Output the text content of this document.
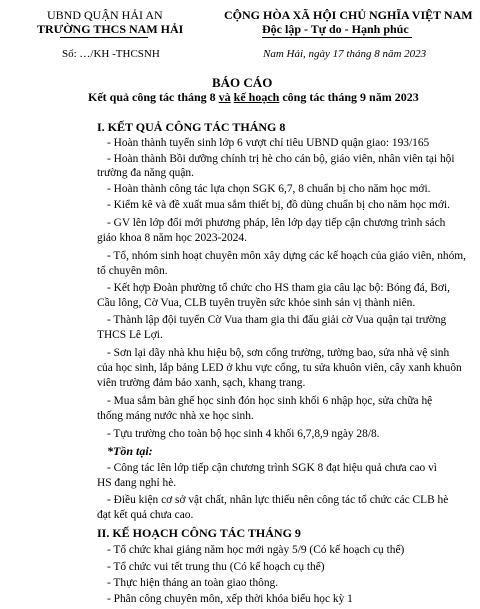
UBND QUẬN HẢI AN
TRƯỜNG THCS NAM HẢI
Số: …/KH -THCSNH
CỘNG HÒA XÃ HỘI CHỦ NGHĨA VIỆT NAM
Độc lập - Tự do - Hạnh phúc
Nam Hải, ngày 17 tháng 8 năm 2023
BÁO CÁO
Kết quả công tác tháng 8 và kế hoạch công tác tháng 9 năm 2023
I. KẾT QUẢ CÔNG TÁC THÁNG 8
- Hoàn thành tuyển sinh lớp 6 vượt chỉ tiêu UBND quận giao: 193/165
- Hoàn thành Bồi dưỡng chính trị hè cho cán bộ, giáo viên, nhân viên tại hội
trường đa năng quận.
- Hoàn thành công tác lựa chọn SGK 6,7, 8 chuẩn bị cho năm học mới.
- Kiểm kê và đề xuất mua sắm thiết bị, đồ dùng chuẩn bị cho năm học mới.
- GV lên lớp đổi mới phương pháp, lên lớp dạy tiếp cận chương trình sách
giáo khoa 8 năm học 2023-2024.
- Tổ, nhóm sinh hoạt chuyên môn xây dựng các kế hoạch của giáo viên, nhóm,
tổ chuyên môn.
- Kết hợp Đoàn phường tổ chức cho HS tham gia câu lạc bộ: Bóng đá, Bơi,
Cầu lông, Cờ Vua, CLB tuyên truyền sức khỏe sinh sản vị thành niên.
- Thành lập đội tuyển Cờ Vua tham gia thi đấu giải cờ Vua quận tại trường
THCS Lê Lợi.
- Sơn lại dãy nhà khu hiệu bộ, sơn cổng trường, tường bao, sửa nhà vệ sinh
của học sinh, lắp bảng LED ở khu vực cổng, tu sửa khuôn viên, cây xanh khuôn
viên trường đảm bảo xanh, sạch, khang trang.
- Mua sắm bàn ghế học sinh đón học sinh khối 6 nhập học, sửa chữa hệ
thống máng nước nhà xe học sinh.
- Tựu trường cho toàn bộ học sinh 4 khối 6,7,8,9 ngày 28/8.
*Tồn tại:
- Công tác lên lớp tiếp cận chương trình SGK 8 đạt hiệu quả chưa cao vì
HS đang nghỉ hè.
- Điều kiện cơ sở vật chất, nhân lực thiếu nên công tác tổ chức các CLB hè
đạt kết quả chưa cao.
II. KẾ HOẠCH CÔNG TÁC THÁNG 9
- Tổ chức khai giảng năm học mới ngày 5/9 (Có kế hoạch cụ thể)
- Tổ chức vui tết trung thu (Có kế hoạch cụ thể)
- Thực hiện tháng an toàn giao thông.
- Phân công chuyên môn, xếp thời khóa biểu học kỳ 1
